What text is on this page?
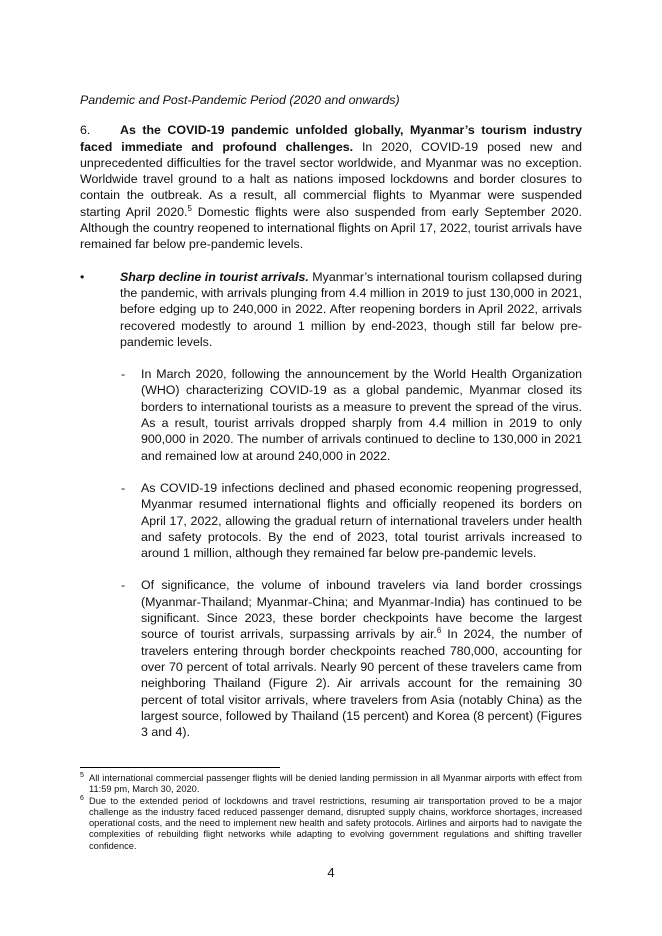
Pandemic and Post-Pandemic Period (2020 and onwards)

6. As the COVID-19 pandemic unfolded globally, Myanmar’s tourism industry faced immediate and profound challenges. In 2020, COVID-19 posed new and unprecedented difficulties for the travel sector worldwide, and Myanmar was no exception. Worldwide travel ground to a halt as nations imposed lockdowns and border closures to contain the outbreak. As a result, all commercial flights to Myanmar were suspended starting April 2020.$^5$ Domestic flights were also suspended from early September 2020. Although the country reopened to international flights on April 17, 2022, tourist arrivals have remained far below pre-pandemic levels.

•	Sharp decline in tourist arrivals. Myanmar’s international tourism collapsed during the pandemic, with arrivals plunging from 4.4 million in 2019 to just 130,000 in 2021, before edging up to 240,000 in 2022. After reopening borders in April 2022, arrivals recovered modestly to around 1 million by end-2023, though still far below pre-pandemic levels.

- In March 2020, following the announcement by the World Health Organization (WHO) characterizing COVID-19 as a global pandemic, Myanmar closed its borders to international tourists as a measure to prevent the spread of the virus. As a result, tourist arrivals dropped sharply from 4.4 million in 2019 to only 900,000 in 2020. The number of arrivals continued to decline to 130,000 in 2021 and remained low at around 240,000 in 2022.

- As COVID-19 infections declined and phased economic reopening progressed, Myanmar resumed international flights and officially reopened its borders on April 17, 2022, allowing the gradual return of international travelers under health and safety protocols. By the end of 2023, total tourist arrivals increased to around 1 million, although they remained far below pre-pandemic levels.

- Of significance, the volume of inbound travelers via land border crossings (Myanmar-Thailand; Myanmar-China; and Myanmar-India) has continued to be significant. Since 2023, these border checkpoints have become the largest source of tourist arrivals, surpassing arrivals by air.$^6$ In 2024, the number of travelers entering through border checkpoints reached 780,000, accounting for over 70 percent of total arrivals. Nearly 90 percent of these travelers came from neighboring Thailand (Figure 2). Air arrivals account for the remaining 30 percent of total visitor arrivals, where travelers from Asia (notably China) as the largest source, followed by Thailand (15 percent) and Korea (8 percent) (Figures 3 and 4).

5 All international commercial passenger flights will be denied landing permission in all Myanmar airports with effect from 11:59 pm, March 30, 2020.
6 Due to the extended period of lockdowns and travel restrictions, resuming air transportation proved to be a major challenge as the industry faced reduced passenger demand, disrupted supply chains, workforce shortages, increased operational costs, and the need to implement new health and safety protocols. Airlines and airports had to navigate the complexities of rebuilding flight networks while adapting to evolving government regulations and shifting traveller confidence.
4
